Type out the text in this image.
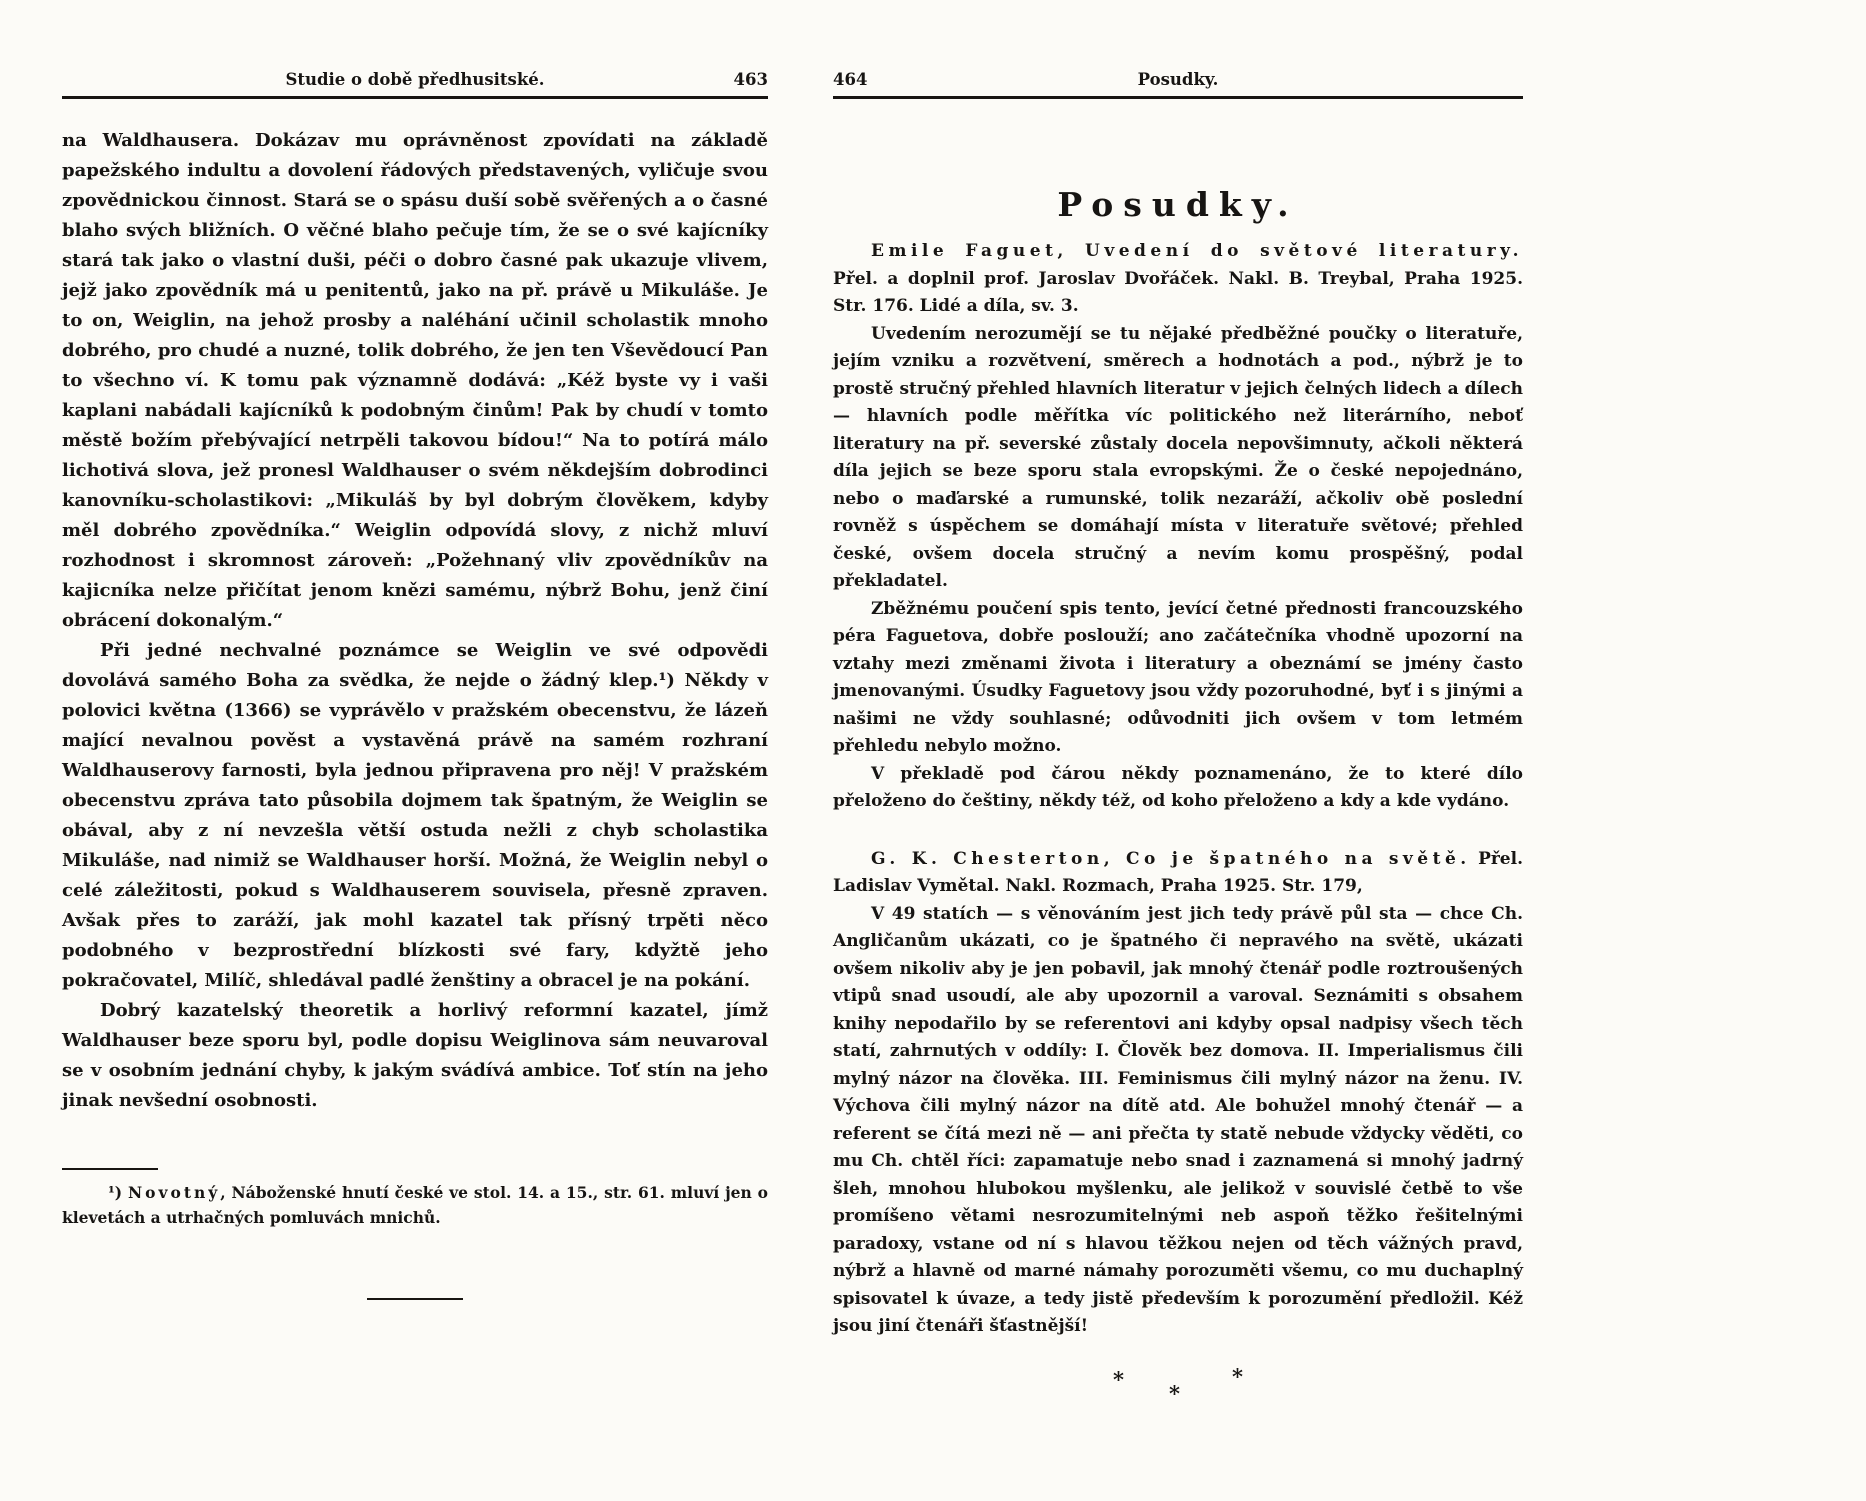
Studie o době předhusitské.	463

na Waldhausera. Dokázav mu oprávněnost zpovídati na základě papežského indultu a dovolení řádových představených, vyličuje svou zpovědnickou činnost. Stará se o spásu duší sobě svěřených a o časné blaho svých bližních. O věčné blaho pečuje tím, že se o své kajícníky stará tak jako o vlastní duši, péči o dobro časné pak ukazuje vlivem, jejž jako zpovědník má u penitentů, jako na př. právě u Mikuláše. Je to on, Weiglin, na jehož prosby a naléhání učinil scholastik mnoho dobrého, pro chudé a nuzné, tolik dobrého, že jen ten Vševědoucí Pan to všechno ví. K tomu pak významně dodává: „Kéž byste vy i vaši kaplani nabádali kajícníků k podobným činům! Pak by chudí v tomto městě božím přebývající netrpěli takovou bídou!“ Na to potírá málo lichotivá slova, jež pronesl Waldhauser o svém někdejším dobrodinci kanovníku-scholastikovi: „Mikuláš by byl dobrým člověkem, kdyby měl dobrého zpovědníka.“ Weiglin odpovídá slovy, z nichž mluví rozhodnost i skromnost zároveň: „Požehnaný vliv zpovědníkův na kajicníka nelze přičítat jenom knězi samému, nýbrž Bohu, jenž činí obrácení dokonalým.“

Při jedné nechvalné poznámce se Weiglin ve své odpovědi dovolává samého Boha za svědka, že nejde o žádný klep.¹) Někdy v polovici května (1366) se vyprávělo v pražském obecenstvu, že lázeň mající nevalnou pověst a vystavěná právě na samém rozhraní Waldhauserovy farnosti, byla jednou připravena pro něj! V pražském obecenstvu zpráva tato působila dojmem tak špatným, že Weiglin se obával, aby z ní nevzešla větší ostuda nežli z chyb scholastika Mikuláše, nad nimiž se Waldhauser horší. Možná, že Weiglin nebyl o celé záležitosti, pokud s Waldhauserem souvisela, přesně zpraven. Avšak přes to zaráží, jak mohl kazatel tak přísný trpěti něco podobného v bezprostřední blízkosti své fary, kdyžtě jeho pokračovatel, Milíč, shledával padlé ženštiny a obracel je na pokání.

Dobrý kazatelský theoretik a horlivý reformní kazatel, jímž Waldhauser beze sporu byl, podle dopisu Weiglinova sám neuvaroval se v osobním jednání chyby, k jakým svádívá ambice. Toť stín na jeho jinak nevšední osobnosti.

¹) Novotný, Náboženské hnutí české ve stol. 14. a 15., str. 61. mluví jen o klevetách a utrhačných pomluvách mnichů.

464	Posudky.
Posudky.

Emile Faguet, Uvedení do světové literatury. Přel. a doplnil prof. Jaroslav Dvořáček. Nakl. B. Treybal, Praha 1925. Str. 176. Lidé a díla, sv. 3.

Uvedením nerozumějí se tu nějaké předběžné poučky o literatuře, jejím vzniku a rozvětvení, směrech a hodnotách a pod., nýbrž je to prostě stručný přehled hlavních literatur v jejich čelných lidech a dílech — hlavních podle měřítka víc politického než literárního, neboť literatury na př. severské zůstaly docela nepovšimnuty, ačkoli některá díla jejich se beze sporu stala evropskými. Že o české nepojednáno, nebo o maďarské a rumunské, tolik nezaráží, ačkoliv obě poslední rovněž s úspěchem se domáhají místa v literatuře světové; přehled české, ovšem docela stručný a nevím komu prospěšný, podal překladatel.

Zběžnému poučení spis tento, jevící četné přednosti francouzského péra Faguetova, dobře poslouží; ano začátečníka vhodně upozorní na vztahy mezi změnami života i literatury a obeznámí se jmény často jmenovanými. Úsudky Faguetovy jsou vždy pozoruhodné, byť i s jinými a našimi ne vždy souhlasné; odůvodniti jich ovšem v tom letmém přehledu nebylo možno.

V překladě pod čárou někdy poznamenáno, že to které dílo přeloženo do češtiny, někdy též, od koho přeloženo a kdy a kde vydáno.

G. K. Chesterton, Co je špatného na světě. Přel. Ladislav Vymětal. Nakl. Rozmach, Praha 1925. Str. 179,

V 49 statích — s věnováním jest jich tedy právě půl sta — chce Ch. Angličanům ukázati, co je špatného či nepravého na světě, ukázati ovšem nikoliv aby je jen pobavil, jak mnohý čtenář podle roztroušených vtipů snad usoudí, ale aby upozornil a varoval. Seznámiti s obsahem knihy nepodařilo by se referentovi ani kdyby opsal nadpisy všech těch statí, zahrnutých v oddíly: I. Člověk bez domova. II. Imperialismus čili mylný názor na člověka. III. Feminismus čili mylný názor na ženu. IV. Výchova čili mylný názor na dítě atd. Ale bohužel mnohý čtenář — a referent se čítá mezi ně — ani přečta ty statě nebude vždycky věděti, co mu Ch. chtěl říci: zapamatuje nebo snad i zaznamená si mnohý jadrný šleh, mnohou hlubokou myšlenku, ale jelikož v souvislé četbě to vše promíšeno větami nesrozumitelnými neb aspoň těžko řešitelnými paradoxy, vstane od ní s hlavou těžkou nejen od těch vážných pravd, nýbrž a hlavně od marné námahy porozuměti všemu, co mu duchaplný spisovatel k úvaze, a tedy jistě především k porozumění předložil. Kéž jsou jiní čtenáři šťastnější!

*
*
*
